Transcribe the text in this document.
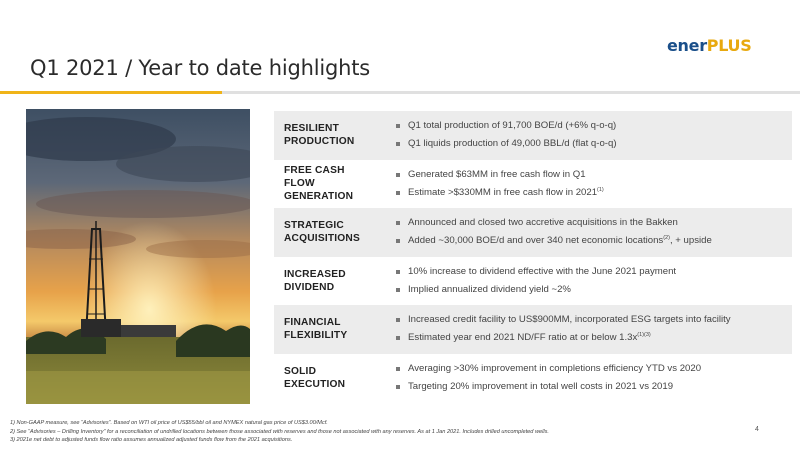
Q1 2021 / Year to date highlights
enerPLUS
RESILIENT PRODUCTION
Q1 total production of 91,700 BOE/d (+6% q-o-q)
Q1 liquids production of 49,000 BBL/d (flat q-o-q)
FREE CASH FLOW GENERATION
Generated $63MM in free cash flow in Q1
Estimate >$330MM in free cash flow in 2021$^{(1)}$
STRATEGIC ACQUISITIONS
Announced and closed two accretive acquisitions in the Bakken
Added ~30,000 BOE/d and over 340 net economic locations$^{(2)}$, + upside
INCREASED DIVIDEND
10% increase to dividend effective with the June 2021 payment
Implied annualized dividend yield ~2%
FINANCIAL FLEXIBILITY
Increased credit facility to US$900MM, incorporated ESG targets into facility
Estimated year end 2021 ND/FF ratio at or below $1.3x^{(1)(3)}$
SOLID EXECUTION
Averaging >30% improvement in completions efficiency YTD vs 2020
Targeting 20% improvement in total well costs in 2021 vs 2019
1) Non-GAAP measure, see “Advisories”. Based on WTI oil price of US$55/bbl oil and NYMEX natural gas price of US$3.00/Mcf.
2) See “Advisories – Drilling Inventory” for a reconciliation of undrilled locations between those associated with reserves and those not associated with any reserves. As at 1 Jan 2021. Includes drilled uncompleted wells.
3) 2021e net debt to adjusted funds flow ratio assumes annualized adjusted funds flow from the 2021 acquisitions.
4
